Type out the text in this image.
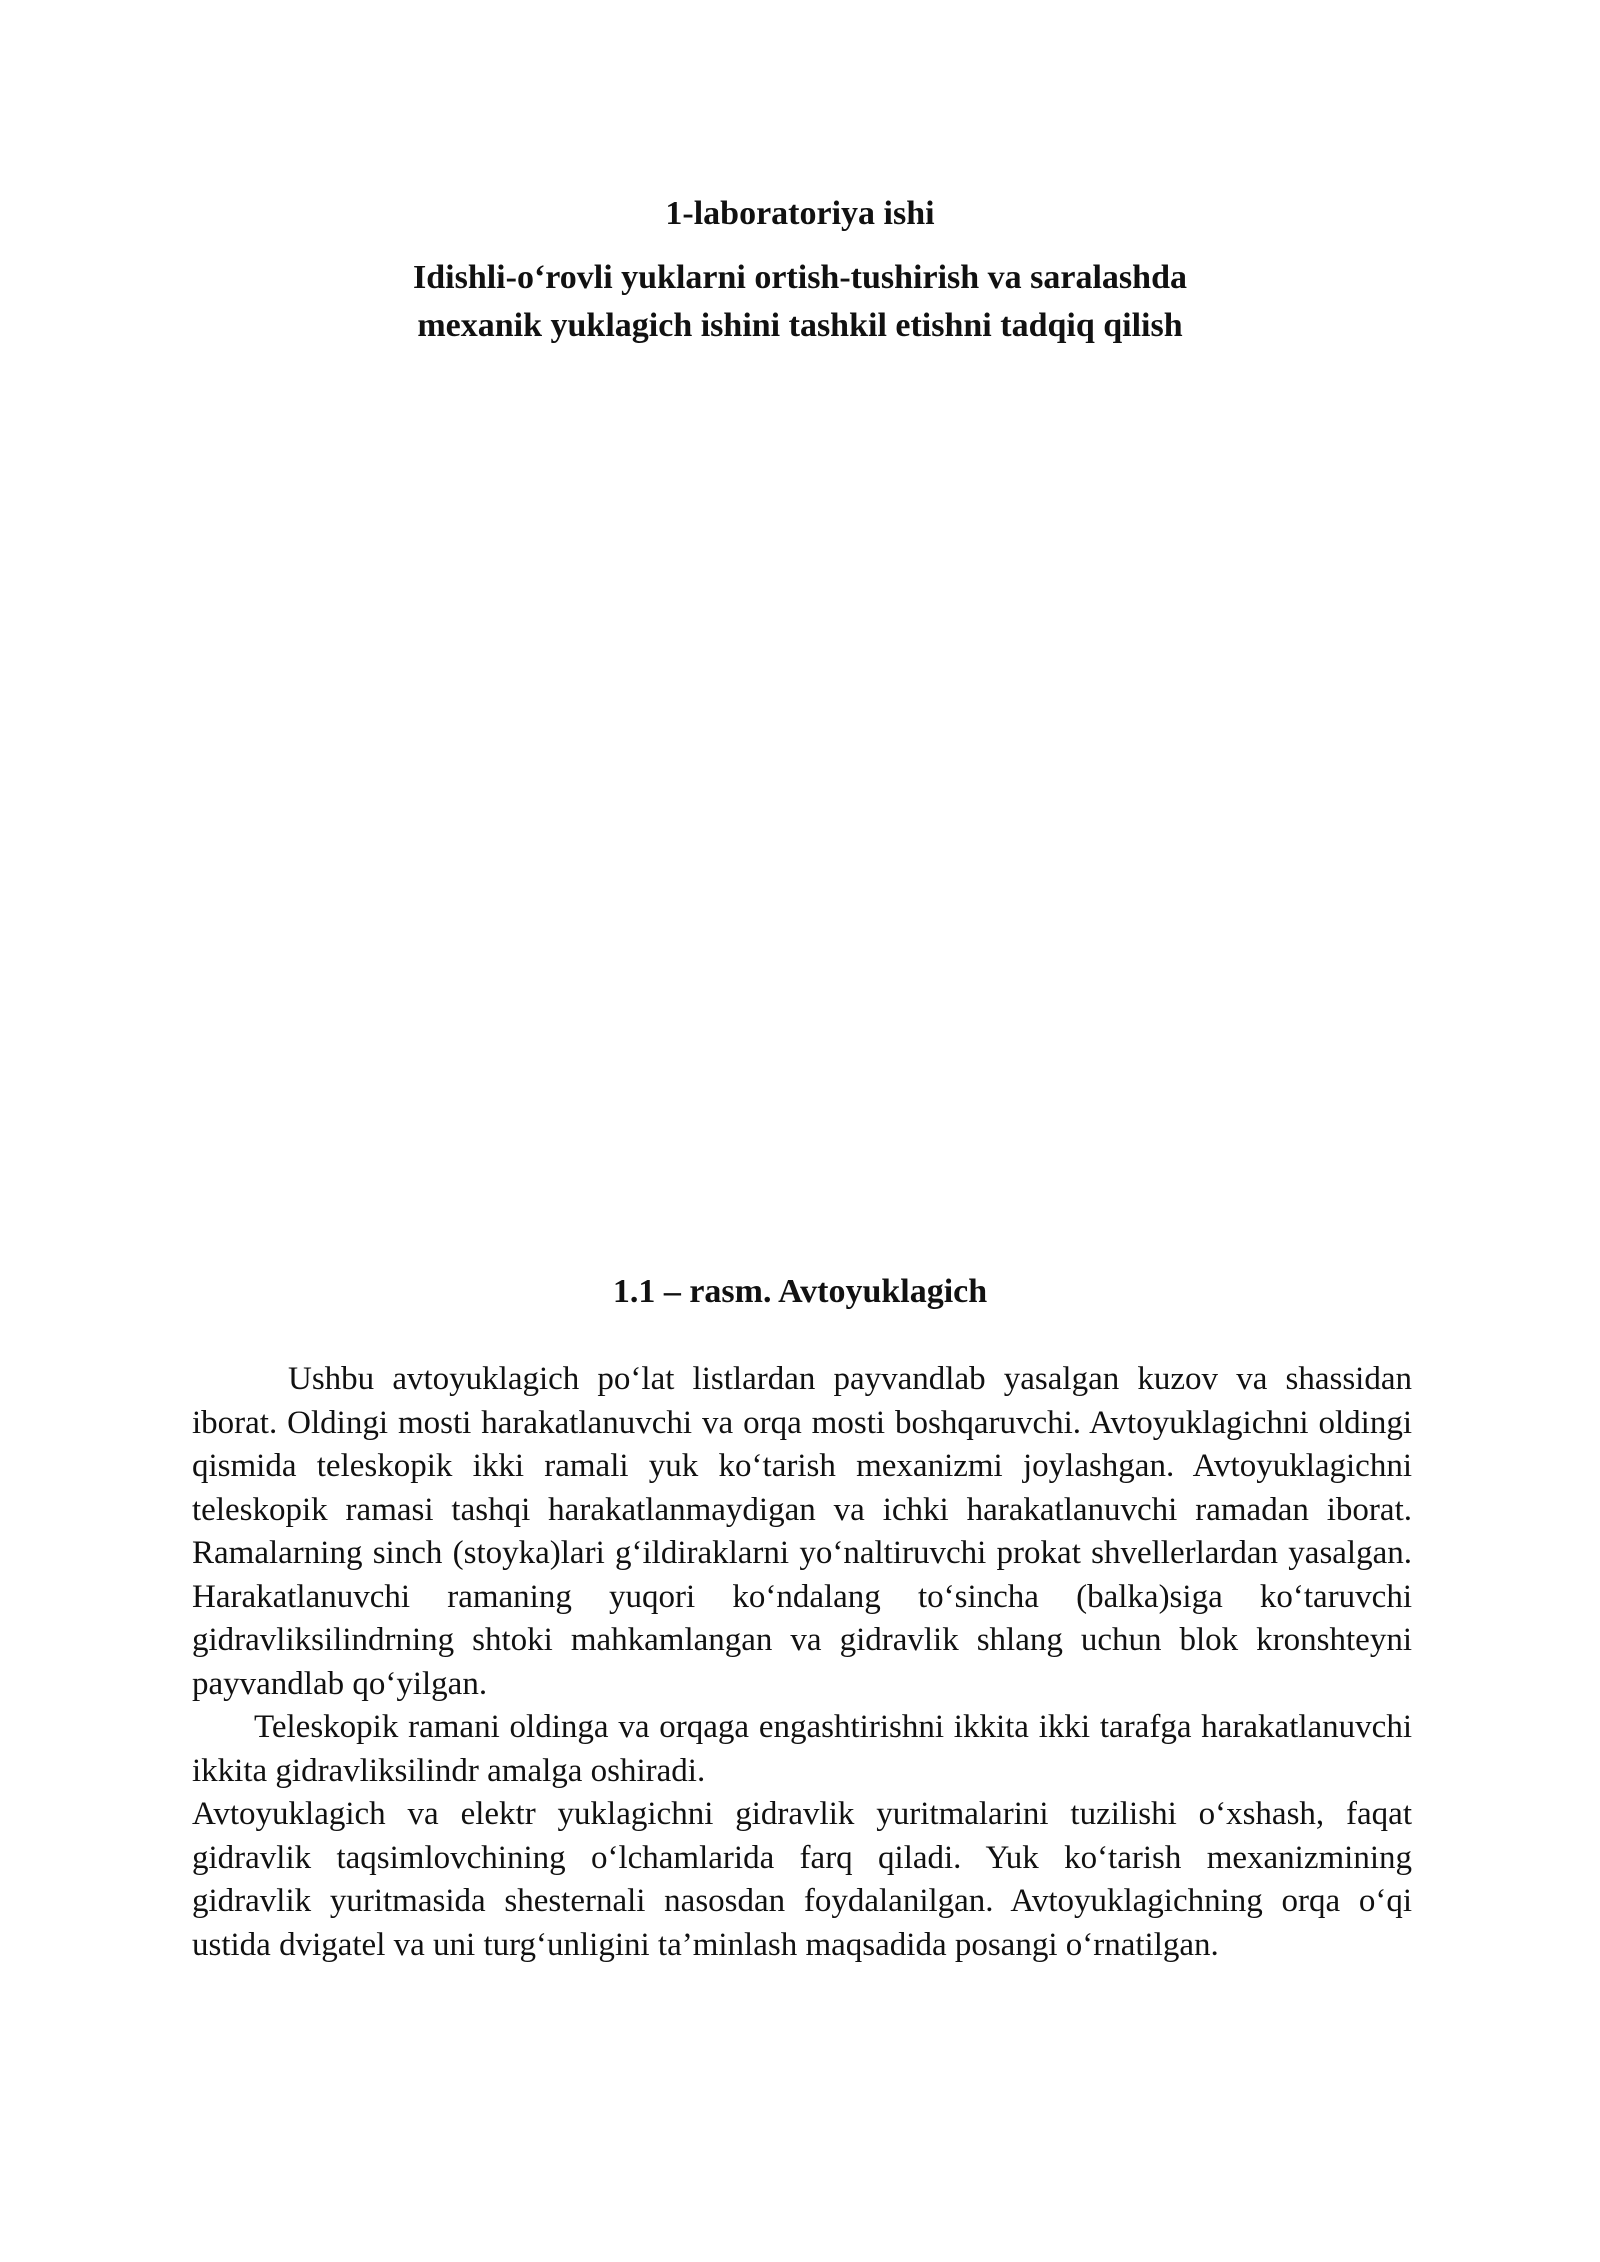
1-laboratoriya ishi
Idishli-o‘rovli yuklarni ortish-tushirish va saralashda
mexanik yuklagich ishini tashkil etishni tadqiq qilish
1.1 – rasm. Avtoyuklagich

Ushbu avtoyuklagich po‘lat listlardan payvandlab yasalgan kuzov va shassidan iborat. Oldingi mosti harakatlanuvchi va orqa mosti boshqaruvchi. Avtoyuklagichni oldingi qismida teleskopik ikki ramali yuk ko‘tarish mexanizmi joylashgan. Avtoyuklagichni teleskopik ramasi tashqi harakatlanmaydigan va ichki harakatlanuvchi ramadan iborat. Ramalarning sinch (stoyka)lari g‘ildiraklarni yo‘naltiruvchi prokat shvellerlardan yasalgan. Harakatlanuvchi ramaning yuqori ko‘ndalang to‘sincha (balka)siga ko‘taruvchi gidravliksilindrning shtoki mahkamlangan va gidravlik shlang uchun blok kronshteyni payvandlab qo‘yilgan.

Teleskopik ramani oldinga va orqaga engashtirishni ikkita ikki tarafga harakatlanuvchi ikkita gidravliksilindr amalga oshiradi.

Avtoyuklagich va elektr yuklagichni gidravlik yuritmalarini tuzilishi o‘xshash, faqat gidravlik taqsimlovchining o‘lchamlarida farq qiladi. Yuk ko‘tarish mexanizmining gidravlik yuritmasida shesternali nasosdan foydalanilgan. Avtoyuklagichning orqa o‘qi ustida dvigatel va uni turg‘unligini ta’minlash maqsadida posangi o‘rnatilgan.
